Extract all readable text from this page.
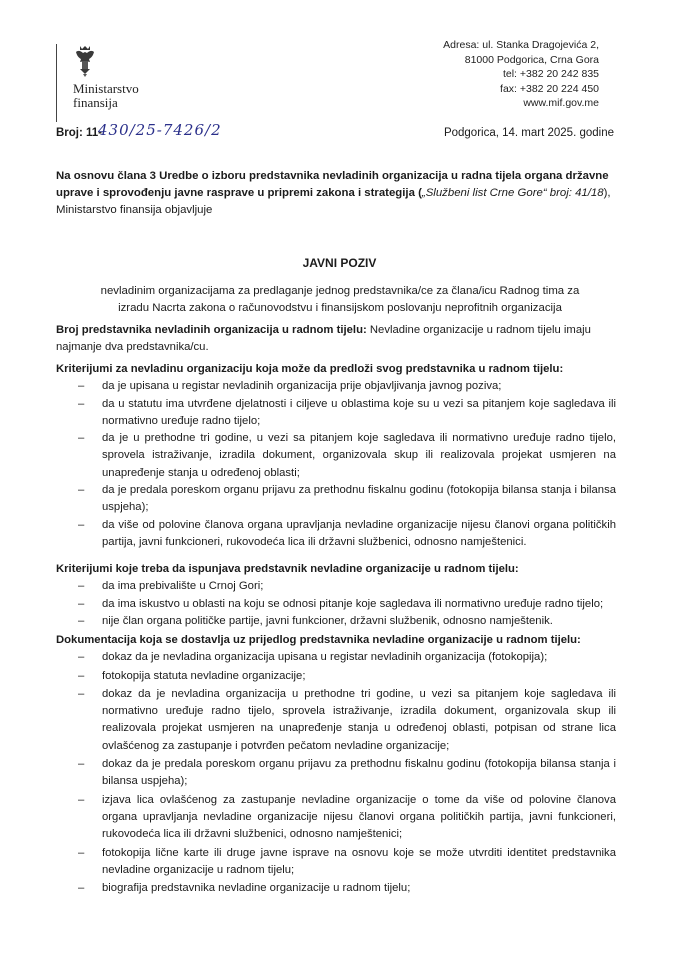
Ministarstvo
finansija
Adresa: ul. Stanka Dragojevića 2,
81000 Podgorica, Crna Gora
tel: +382 20 242 835
fax: +382 20 224 450
www.mif.gov.me
Broj: 11-
430/25-7426/2	Podgorica, 14. mart 2025. godine
Na osnovu člana 3 Uredbe o izboru predstavnika nevladinih organizacija u radna tijela organa državne uprave i sprovođenju javne rasprave u pripremi zakona i strategija („Službeni list Crne Gore“ broj: 41/18), Ministarstvo finansija objavljuje
JAVNI POZIV
nevladinim organizacijama za predlaganje jednog predstavnika/ce za člana/icu Radnog tima za izradu Nacrta zakona o računovodstvu i finansijskom poslovanju neprofitnih organizacija
Broj predstavnika nevladinih organizacija u radnom tijelu: Nevladine organizacije u radnom tijelu imaju najmanje dva predstavnika/cu.
Kriterijumi za nevladinu organizaciju koja može da predloži svog predstavnika u radnom tijelu:
– da je upisana u registar nevladinih organizacija prije objavljivanja javnog poziva;
– da u statutu ima utvrđene djelatnosti i ciljeve u oblastima koje su u vezi sa pitanjem koje sagledava ili normativno uređuje radno tijelo;
– da je u prethodne tri godine, u vezi sa pitanjem koje sagledava ili normativno uređuje radno tijelo, sprovela istraživanje, izradila dokument, organizovala skup ili realizovala projekat usmjeren na unapređenje stanja u određenoj oblasti;
– da je predala poreskom organu prijavu za prethodnu fiskalnu godinu (fotokopija bilansa stanja i bilansa uspjeha);
– da više od polovine članova organa upravljanja nevladine organizacije nijesu članovi organa političkih partija, javni funkcioneri, rukovodeća lica ili državni službenici, odnosno namještenici.
Kriterijumi koje treba da ispunjava predstavnik nevladine organizacije u radnom tijelu:
– da ima prebivalište u Crnoj Gori;
– da ima iskustvo u oblasti na koju se odnosi pitanje koje sagledava ili normativno uređuje radno tijelo;
– nije član organa političke partije, javni funkcioner, državni službenik, odnosno namještenik.
Dokumentacija koja se dostavlja uz prijedlog predstavnika nevladine organizacije u radnom tijelu:
– dokaz da je nevladina organizacija upisana u registar nevladinih organizacija (fotokopija);
– fotokopija statuta nevladine organizacije;
– dokaz da je nevladina organizacija u prethodne tri godine, u vezi sa pitanjem koje sagledava ili normativno uređuje radno tijelo, sprovela istraživanje, izradila dokument, organizovala skup ili realizovala projekat usmjeren na unapređenje stanja u određenoj oblasti, potpisan od strane lica ovlašćenog za zastupanje i potvrđen pečatom nevladine organizacije;
– dokaz da je predala poreskom organu prijavu za prethodnu fiskalnu godinu (fotokopija bilansa stanja i bilansa uspjeha);
– izjava lica ovlašćenog za zastupanje nevladine organizacije o tome da više od polovine članova organa upravljanja nevladine organizacije nijesu članovi organa političkih partija, javni funkcioneri, rukovodeća lica ili državni službenici, odnosno namještenici;
– fotokopija lične karte ili druge javne isprave na osnovu koje se može utvrditi identitet predstavnika nevladine organizacije u radnom tijelu;
– biografija predstavnika nevladine organizacije u radnom tijelu;
